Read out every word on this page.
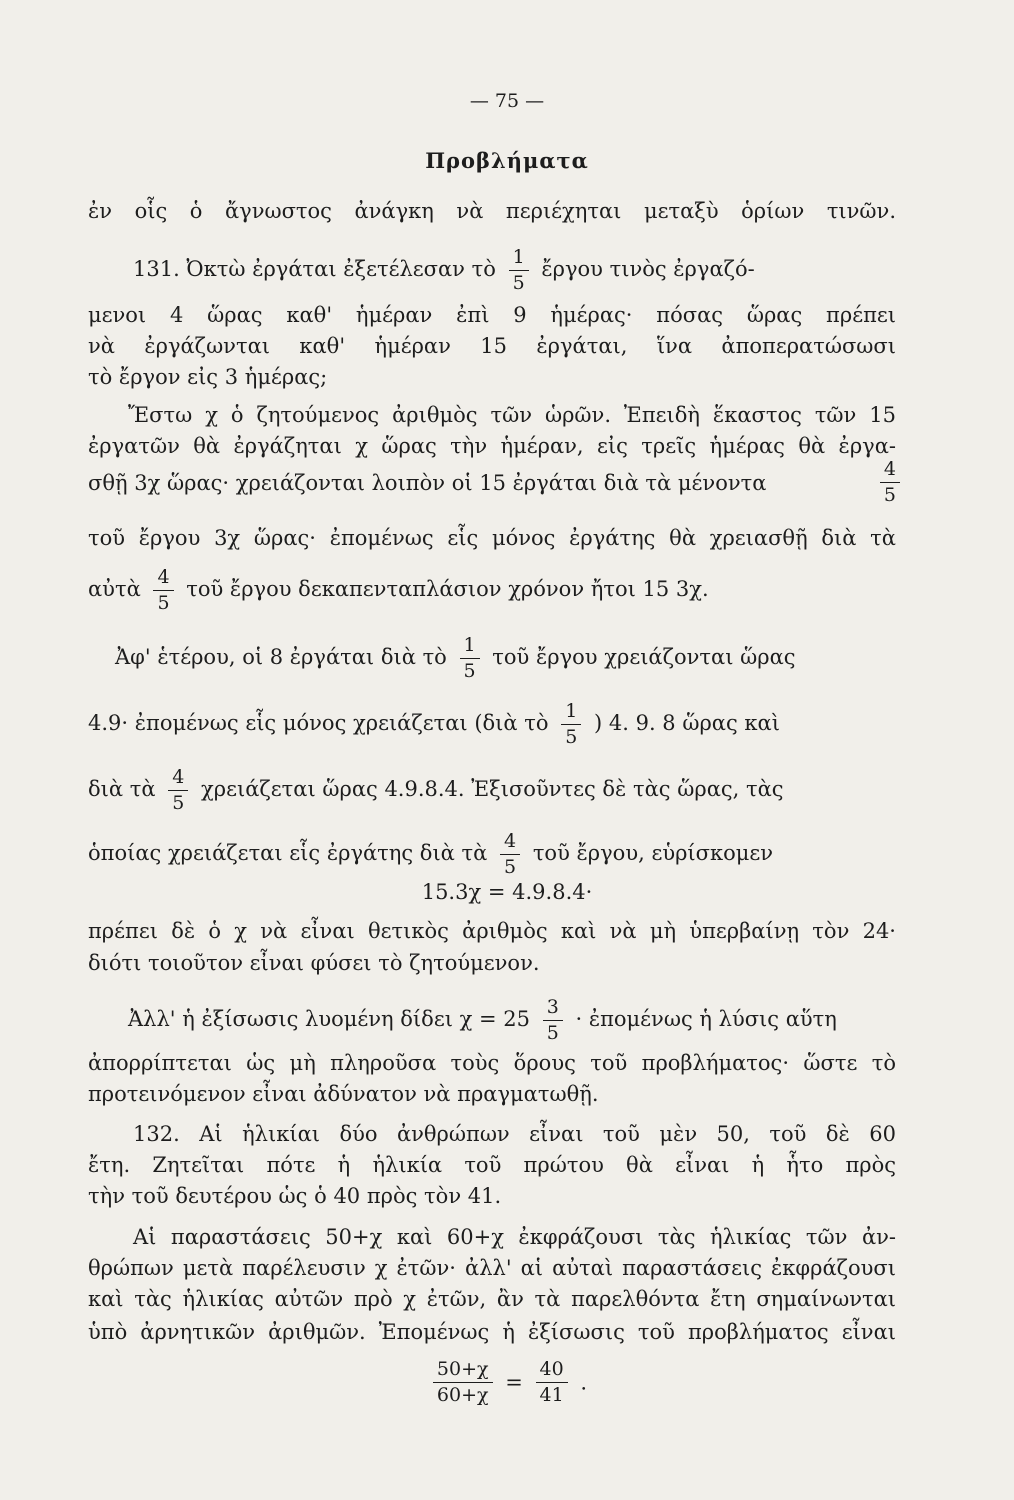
— 75 —
Προβλήματα
ἐν οἷς ὁ ἄγνωστος ἀνάγκη νὰ περιέχηται μεταξὺ ὁρίων τινῶν.
131. Ὀκτὼ ἐργάται ἐξετέλεσαν τὸ $\frac{1}{5}$ ἔργου τινὸς ἐργαζό-
μενοι 4 ὥρας καθ' ἡμέραν ἐπὶ 9 ἡμέρας· πόσας ὥρας πρέπει
νὰ ἐργάζωνται καθ' ἡμέραν 15 ἐργάται, ἵνα ἀποπερατώσωσι
τὸ ἔργον εἰς 3 ἡμέρας;
Ἔστω χ ὁ ζητούμενος ἀριθμὸς τῶν ὡρῶν. Ἐπειδὴ ἕκαστος τῶν 15
ἐργατῶν θὰ ἐργάζηται χ ὥρας τὴν ἡμέραν, εἰς τρεῖς ἡμέρας θὰ ἐργα-
σθῇ 3χ ὥρας· χρειάζονται λοιπὸν οἱ 15 ἐργάται διὰ τὰ μένοντα	$\frac{4}{5}$
τοῦ ἔργου 3χ ὥρας· ἐπομένως εἷς μόνος ἐργάτης θὰ χρειασθῇ διὰ τὰ
αὐτὰ $\frac{4}{5}$ τοῦ ἔργου δεκαπενταπλάσιον χρόνον ἤτοι 15 3χ.
Ἀφ' ἑτέρου, οἱ 8 ἐργάται διὰ τὸ $\frac{1}{5}$ τοῦ ἔργου χρειάζονται ὥρας
4.9· ἐπομένως εἷς μόνος χρειάζεται (διὰ τὸ $\frac{1}{5}$ ) 4. 9. 8 ὥρας καὶ
διὰ τὰ $\frac{4}{5}$ χρειάζεται ὥρας 4.9.8.4. Ἐξισοῦντες δὲ τὰς ὥρας, τὰς
ὁποίας χρειάζεται εἷς ἐργάτης διὰ τὰ $\frac{4}{5}$ τοῦ ἔργου, εὑρίσκομεν
15.3χ = 4.9.8.4·
πρέπει δὲ ὁ χ νὰ εἶναι θετικὸς ἀριθμὸς καὶ νὰ μὴ ὑπερβαίνῃ τὸν 24·
διότι τοιοῦτον εἶναι φύσει τὸ ζητούμενον.
Ἀλλ' ἡ ἐξίσωσις λυομένη δίδει $\chi = 25 \frac{3}{5}$ · ἐπομένως ἡ λύσις αὕτη
ἀπορρίπτεται ὡς μὴ πληροῦσα τοὺς ὅρους τοῦ προβλήματος· ὥστε τὸ
προτεινόμενον εἶναι ἀδύνατον νὰ πραγματωθῇ.
132. Αἱ ἡλικίαι δύο ἀνθρώπων εἶναι τοῦ μὲν 50, τοῦ δὲ 60
ἔτη. Ζητεῖται πότε ἡ ἡλικία τοῦ πρώτου θὰ εἶναι ἡ ἧτο πρὸς
τὴν τοῦ δευτέρου ὡς ὁ 40 πρὸς τὸν 41.
Αἱ παραστάσεις 50+χ καὶ 60+χ ἐκφράζουσι τὰς ἡλικίας τῶν ἀν-
θρώπων μετὰ παρέλευσιν χ ἐτῶν· ἀλλ' αἱ αὐταὶ παραστάσεις ἐκφράζουσι
καὶ τὰς ἡλικίας αὐτῶν πρὸ χ ἐτῶν, ἂν τὰ παρελθόντα ἔτη σημαίνωνται
ὑπὸ ἀρνητικῶν ἀριθμῶν. Ἐπομένως ἡ ἐξίσωσις τοῦ προβλήματος εἶναι
$\frac{50+\chi}{60+\chi} = \frac{40}{41}$ .
